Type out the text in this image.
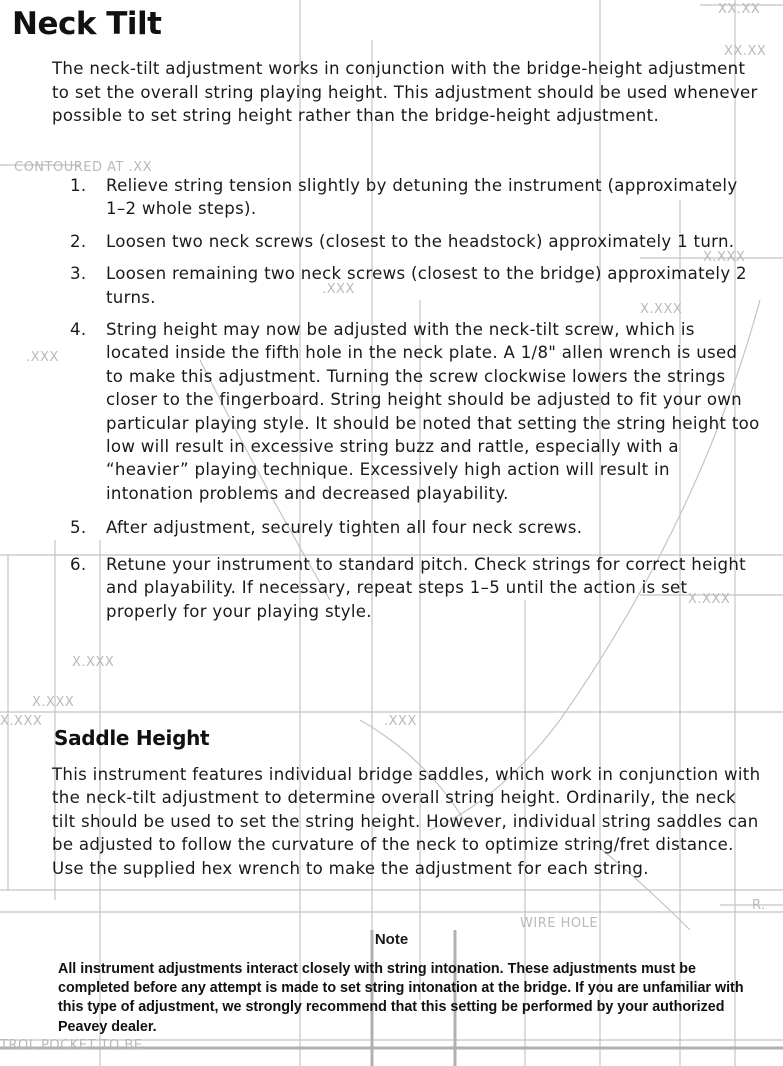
XX.XX
XX.XX
CONTOURED AT .XX
X.XXX
.XXX
X.XXX
.XXX
X.XXX
X.XXX
.XXX
X.XXX
X.XXX
R.
WIRE HOLE
TROL POCKET TO BE
Neck Tilt

The neck-tilt adjustment works in conjunction with the bridge-height adjustment to set the overall string playing height. This adjustment should be used whenever possible to set string height rather than the bridge-height adjustment.

1.	Relieve string tension slightly by detuning the instrument (approximately 1–2 whole steps).
2.	Loosen two neck screws (closest to the headstock) approximately 1 turn.
3.	Loosen remaining two neck screws (closest to the bridge) approximately 2 turns.
4.	String height may now be adjusted with the neck-tilt screw, which is located inside the fifth hole in the neck plate. A 1/8" allen wrench is used to make this adjustment. Turning the screw clockwise lowers the strings closer to the fingerboard. String height should be adjusted to fit your own particular playing style. It should be noted that setting the string height too low will result in excessive string buzz and rattle, especially with a “heavier” playing technique. Excessively high action will result in intonation problems and decreased playability.
5.	After adjustment, securely tighten all four neck screws.
6.	Retune your instrument to standard pitch. Check strings for correct height and playability. If necessary, repeat steps 1–5 until the action is set properly for your playing style.
Saddle Height

This instrument features individual bridge saddles, which work in conjunction with the neck-tilt adjustment to determine overall string height. Ordinarily, the neck tilt should be used to set the string height. However, individual string saddles can be adjusted to follow the curvature of the neck to optimize string/fret distance. Use the supplied hex wrench to make the adjustment for each string.

Note

All instrument adjustments interact closely with string intonation. These adjustments must be completed before any attempt is made to set string intonation at the bridge. If you are unfamiliar with this type of adjustment, we strongly recommend that this setting be performed by your authorized Peavey dealer.
